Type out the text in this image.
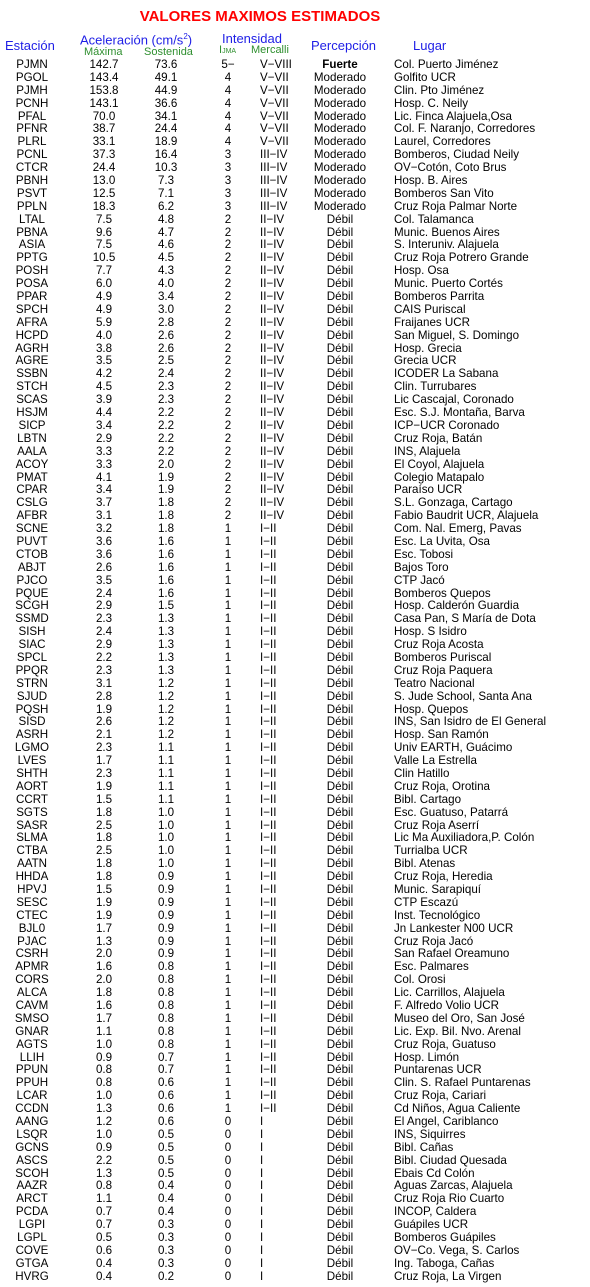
VALORES MAXIMOS ESTIMADOS
Estación Aceleración $(cm/s^2)$
Máxima Sostenida
Intensidad
IJMA Mercalli Percepción	Lugar
PJMN	142.7	73.6	5−	V−VIII	Fuerte	Col. Puerto Jiménez
PGOL	143.4	49.1	4	V−VII	Moderado	Golfito UCR
PJMH	153.8	44.9	4	V−VII	Moderado	Clin. Pto Jiménez
PCNH	143.1	36.6	4	V−VII	Moderado	Hosp. C. Neily
PFAL	70.0	34.1	4	V−VII	Moderado	Lic. Finca Alajuela,Osa
PFNR	38.7	24.4	4	V−VII	Moderado	Col. F. Naranjo, Corredores
PLRL	33.1	18.9	4	V−VII	Moderado	Laurel, Corredores
PCNL	37.3	16.4	3	III−IV	Moderado	Bomberos, Ciudad Neily
CTCR	24.4	10.3	3	III−IV	Moderado	OV−Cotón, Coto Brus
PBNH	13.0	7.3	3	III−IV	Moderado	Hosp. B. Aires
PSVT	12.5	7.1	3	III−IV	Moderado	Bomberos San Vito
PPLN	18.3	6.2	3	III−IV	Moderado	Cruz Roja Palmar Norte
LTAL	7.5	4.8	2	II−IV	Débil	Col. Talamanca
PBNA	9.6	4.7	2	II−IV	Débil	Munic. Buenos Aires
ASIA	7.5	4.6	2	II−IV	Débil	S. Interuniv. Alajuela
PPTG	10.5	4.5	2	II−IV	Débil	Cruz Roja Potrero Grande
POSH	7.7	4.3	2	II−IV	Débil	Hosp. Osa
POSA	6.0	4.0	2	II−IV	Débil	Munic. Puerto Cortés
PPAR	4.9	3.4	2	II−IV	Débil	Bomberos Parrita
SPCH	4.9	3.0	2	II−IV	Débil	CAIS Puriscal
AFRA	5.9	2.8	2	II−IV	Débil	Fraijanes UCR
HCPD	4.0	2.6	2	II−IV	Débil	San Miguel, S. Domingo
AGRH	3.8	2.6	2	II−IV	Débil	Hosp. Grecia
AGRE	3.5	2.5	2	II−IV	Débil	Grecia UCR
SSBN	4.2	2.4	2	II−IV	Débil	ICODER La Sabana
STCH	4.5	2.3	2	II−IV	Débil	Clin. Turrubares
SCAS	3.9	2.3	2	II−IV	Débil	Lic Cascajal, Coronado
HSJM	4.4	2.2	2	II−IV	Débil	Esc. S.J. Montaña, Barva
SICP	3.4	2.2	2	II−IV	Débil	ICP−UCR Coronado
LBTN	2.9	2.2	2	II−IV	Débil	Cruz Roja, Batán
AALA	3.3	2.2	2	II−IV	Débil	INS, Alajuela
ACOY	3.3	2.0	2	II−IV	Débil	El Coyol, Alajuela
PMAT	4.1	1.9	2	II−IV	Débil	Colegio Matapalo
CPAR	3.4	1.9	2	II−IV	Débil	Paraíso UCR
CSLG	3.7	1.8	2	II−IV	Débil	S.L. Gonzaga, Cartago
AFBR	3.1	1.8	2	II−IV	Débil	Fabio Baudrit UCR, Alajuela
SCNE	3.2	1.8	1	I−II	Débil	Com. Nal. Emerg, Pavas
PUVT	3.6	1.6	1	I−II	Débil	Esc. La Uvita, Osa
CTOB	3.6	1.6	1	I−II	Débil	Esc. Tobosi
ABJT	2.6	1.6	1	I−II	Débil	Bajos Toro
PJCO	3.5	1.6	1	I−II	Débil	CTP Jacó
PQUE	2.4	1.6	1	I−II	Débil	Bomberos Quepos
SCGH	2.9	1.5	1	I−II	Débil	Hosp. Calderón Guardia
SSMD	2.3	1.3	1	I−II	Débil	Casa Pan, S María de Dota
SISH	2.4	1.3	1	I−II	Débil	Hosp. S Isidro
SIAC	2.9	1.3	1	I−II	Débil	Cruz Roja Acosta
SPCL	2.2	1.3	1	I−II	Débil	Bomberos Puriscal
PPQR	2.3	1.3	1	I−II	Débil	Cruz Roja Paquera
STRN	3.1	1.2	1	I−II	Débil	Teatro Nacional
SJUD	2.8	1.2	1	I−II	Débil	S. Jude School, Santa Ana
PQSH	1.9	1.2	1	I−II	Débil	Hosp. Quepos
SISD	2.6	1.2	1	I−II	Débil	INS, San Isidro de El General
ASRH	2.1	1.2	1	I−II	Débil	Hosp. San Ramón
LGMO	2.3	1.1	1	I−II	Débil	Univ EARTH, Guácimo
LVES	1.7	1.1	1	I−II	Débil	Valle La Estrella
SHTH	2.3	1.1	1	I−II	Débil	Clin Hatillo
AORT	1.9	1.1	1	I−II	Débil	Cruz Roja, Orotina
CCRT	1.5	1.1	1	I−II	Débil	Bibl. Cartago
SGTS	1.8	1.0	1	I−II	Débil	Esc. Guatuso, Patarrá
SASR	2.5	1.0	1	I−II	Débil	Cruz Roja Aserrí
SLMA	1.8	1.0	1	I−II	Débil	Lic Ma Auxiliadora,P. Colón
CTBA	2.5	1.0	1	I−II	Débil	Turrialba UCR
AATN	1.8	1.0	1	I−II	Débil	Bibl. Atenas
HHDA	1.8	0.9	1	I−II	Débil	Cruz Roja, Heredia
HPVJ	1.5	0.9	1	I−II	Débil	Munic. Sarapiquí
SESC	1.9	0.9	1	I−II	Débil	CTP Escazú
CTEC	1.9	0.9	1	I−II	Débil	Inst. Tecnológico
BJL0	1.7	0.9	1	I−II	Débil	Jn Lankester N00 UCR
PJAC	1.3	0.9	1	I−II	Débil	Cruz Roja Jacó
CSRH	2.0	0.9	1	I−II	Débil	San Rafael Oreamuno
APMR	1.6	0.8	1	I−II	Débil	Esc. Palmares
CORS	2.0	0.8	1	I−II	Débil	Col. Orosi
ALCA	1.8	0.8	1	I−II	Débil	Lic. Carrillos, Alajuela
CAVM	1.6	0.8	1	I−II	Débil	F. Alfredo Volio UCR
SMSO	1.7	0.8	1	I−II	Débil	Museo del Oro, San José
GNAR	1.1	0.8	1	I−II	Débil	Lic. Exp. Bil. Nvo. Arenal
AGTS	1.0	0.8	1	I−II	Débil	Cruz Roja, Guatuso
LLIH	0.9	0.7	1	I−II	Débil	Hosp. Limón
PPUN	0.8	0.7	1	I−II	Débil	Puntarenas UCR
PPUH	0.8	0.6	1	I−II	Débil	Clin. S. Rafael Puntarenas
LCAR	1.0	0.6	1	I−II	Débil	Cruz Roja, Cariari
CCDN	1.3	0.6	1	I−II	Débil	Cd Niños, Agua Caliente
AANG	1.2	0.6	0	I	Débil	El Angel, Cariblanco
LSQR	1.0	0.5	0	I	Débil	INS, Siquirres
GCNS	0.9	0.5	0	I	Débil	Bibl. Cañas
ASCS	2.2	0.5	0	I	Débil	Bibl. Ciudad Quesada
SCOH	1.3	0.5	0	I	Débil	Ebais Cd Colón
AAZR	0.8	0.4	0	I	Débil	Aguas Zarcas, Alajuela
ARCT	1.1	0.4	0	I	Débil	Cruz Roja Rio Cuarto
PCDA	0.7	0.4	0	I	Débil	INCOP, Caldera
LGPI	0.7	0.3	0	I	Débil	Guápiles UCR
LGPL	0.5	0.3	0	I	Débil	Bomberos Guápiles
COVE	0.6	0.3	0	I	Débil	OV−Co. Vega, S. Carlos
GTGA	0.4	0.3	0	I	Débil	Ing. Taboga, Cañas
HVRG	0.4	0.2	0	I	Débil	Cruz Roja, La Virgen
